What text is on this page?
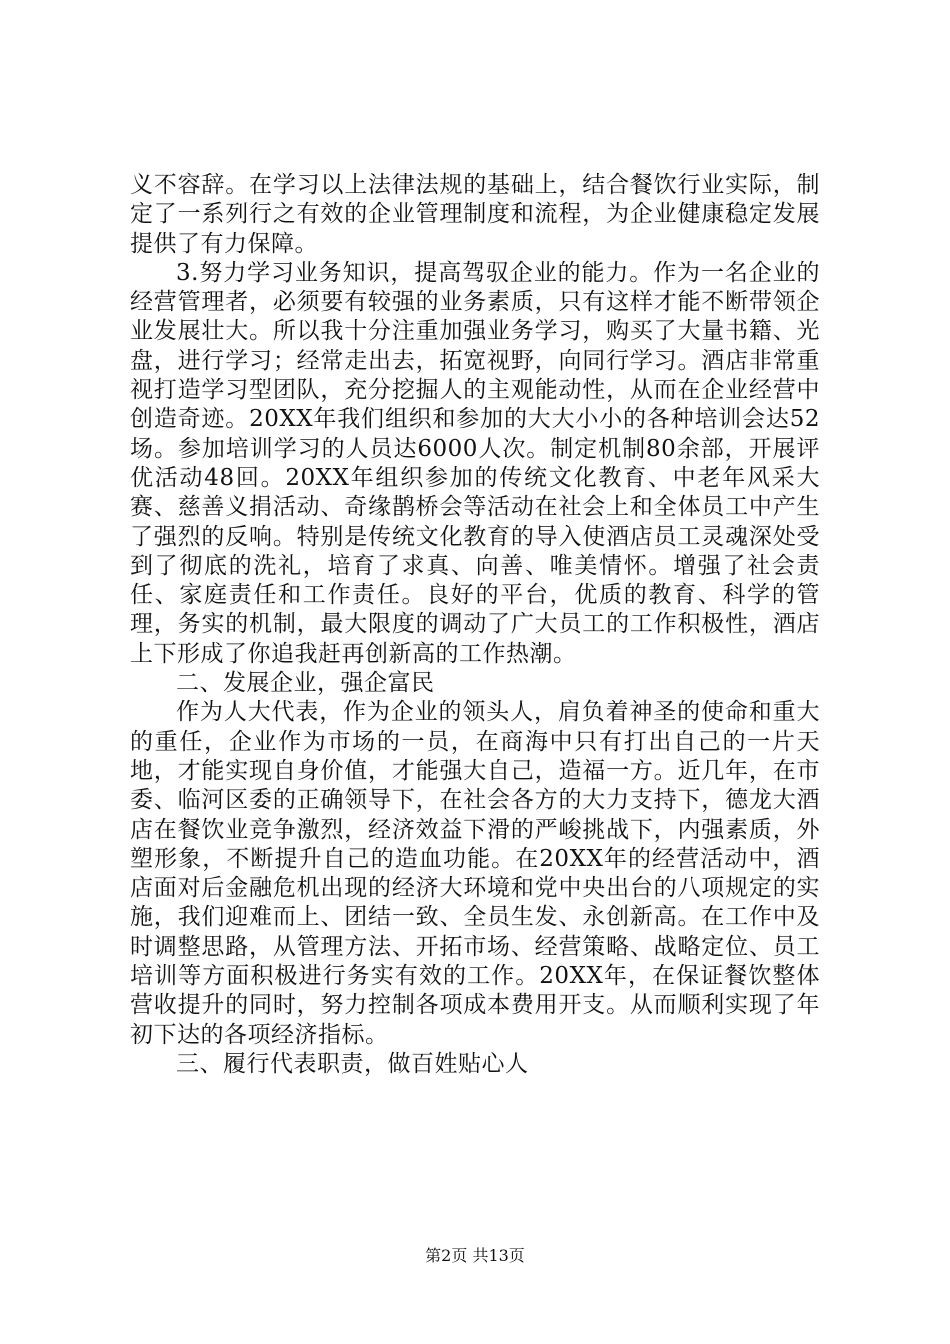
义不容辞。在学习以上法律法规的基础上，结合餐饮行业实际，制定了一系列行之有效的企业管理制度和流程，为企业健康稳定发展提供了有力保障。

3.努力学习业务知识，提高驾驭企业的能力。作为一名企业的经营管理者，必须要有较强的业务素质，只有这样才能不断带领企业发展壮大。所以我十分注重加强业务学习，购买了大量书籍、光盘，进行学习；经常走出去，拓宽视野，向同行学习。酒店非常重视打造学习型团队，充分挖掘人的主观能动性，从而在企业经营中创造奇迹。20XX年我们组织和参加的大大小小的各种培训会达52场。参加培训学习的人员达6000人次。制定机制80余部，开展评优活动48回。20XX年组织参加的传统文化教育、中老年风采大赛、慈善义捐活动、奇缘鹊桥会等活动在社会上和全体员工中产生了强烈的反响。特别是传统文化教育的导入使酒店员工灵魂深处受到了彻底的洗礼，培育了求真、向善、唯美情怀。增强了社会责任、家庭责任和工作责任。良好的平台，优质的教育、科学的管理，务实的机制，最大限度的调动了广大员工的工作积极性，酒店上下形成了你追我赶再创新高的工作热潮。

二、发展企业，强企富民

作为人大代表，作为企业的领头人，肩负着神圣的使命和重大的重任，企业作为市场的一员，在商海中只有打出自己的一片天地，才能实现自身价值，才能强大自己，造福一方。近几年，在市委、临河区委的正确领导下，在社会各方的大力支持下，德龙大酒店在餐饮业竞争激烈，经济效益下滑的严峻挑战下，内强素质，外塑形象，不断提升自己的造血功能。在20XX年的经营活动中，酒店面对后金融危机出现的经济大环境和党中央出台的八项规定的实施，我们迎难而上、团结一致、全员生发、永创新高。在工作中及时调整思路，从管理方法、开拓市场、经营策略、战略定位、员工培训等方面积极进行务实有效的工作。20XX年，在保证餐饮整体营收提升的同时，努力控制各项成本费用开支。从而顺利实现了年初下达的各项经济指标。

三、履行代表职责，做百姓贴心人

第2页 共13页
